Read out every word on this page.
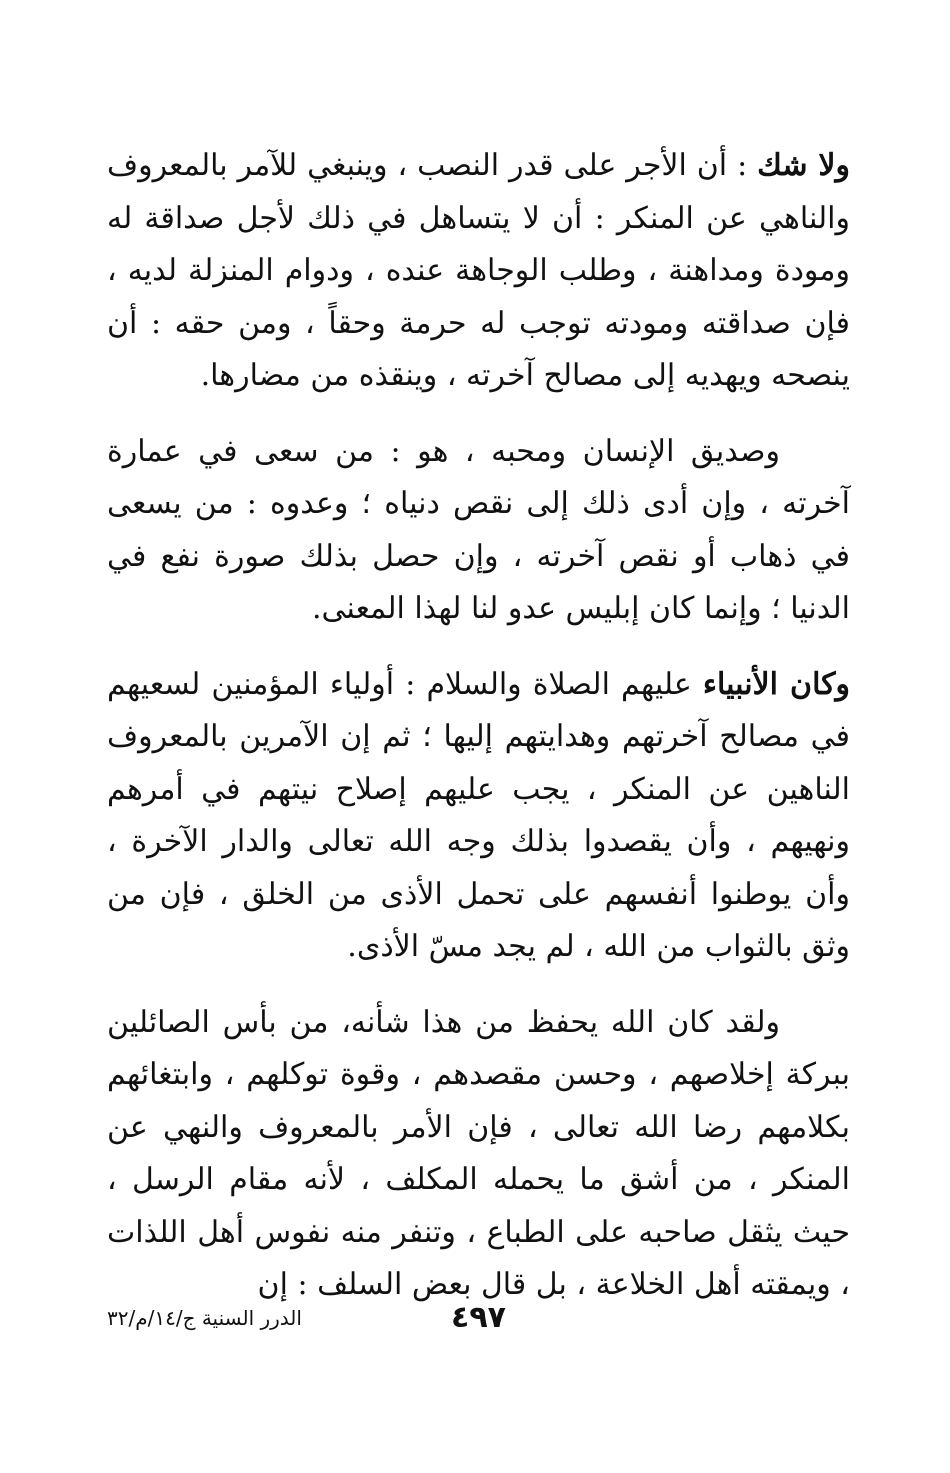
ولا شك : أن الأجر على قدر النصب ، وينبغي للآمر بالمعروف والناهي عن المنكر : أن لا يتساهل في ذلك لأجل صداقة له ومودة ومداهنة ، وطلب الوجاهة عنده ، ودوام المنزلة لديه ، فإن صداقته ومودته توجب له حرمة وحقاً ، ومن حقه : أن ينصحه ويهديه إلى مصالح آخرته ، وينقذه من مضارها.

وصديق الإنسان ومحبه ، هو : من سعى في عمارة آخرته ، وإن أدى ذلك إلى نقص دنياه ؛ وعدوه : من يسعى في ذهاب أو نقص آخرته ، وإن حصل بذلك صورة نفع في الدنيا ؛ وإنما كان إبليس عدو لنا لهذا المعنى.

وكان الأنبياء عليهم الصلاة والسلام : أولياء المؤمنين لسعيهم في مصالح آخرتهم وهدايتهم إليها ؛ ثم إن الآمرين بالمعروف الناهين عن المنكر ، يجب عليهم إصلاح نيتهم في أمرهم ونهيهم ، وأن يقصدوا بذلك وجه الله تعالى والدار الآخرة ، وأن يوطنوا أنفسهم على تحمل الأذى من الخلق ، فإن من وثق بالثواب من الله ، لم يجد مسّ الأذى.

ولقد كان الله يحفظ من هذا شأنه، من بأس الصائلين ببركة إخلاصهم ، وحسن مقصدهم ، وقوة توكلهم ، وابتغائهم بكلامهم رضا الله تعالى ، فإن الأمر بالمعروف والنهي عن المنكر ، من أشق ما يحمله المكلف ، لأنه مقام الرسل ، حيث يثقل صاحبه على الطباع ، وتنفر منه نفوس أهل اللذات ، ويمقته أهل الخلاعة ، بل قال بعض السلف : إن

٤٩٧
الدرر السنية ج/١٤/م/٣٢
